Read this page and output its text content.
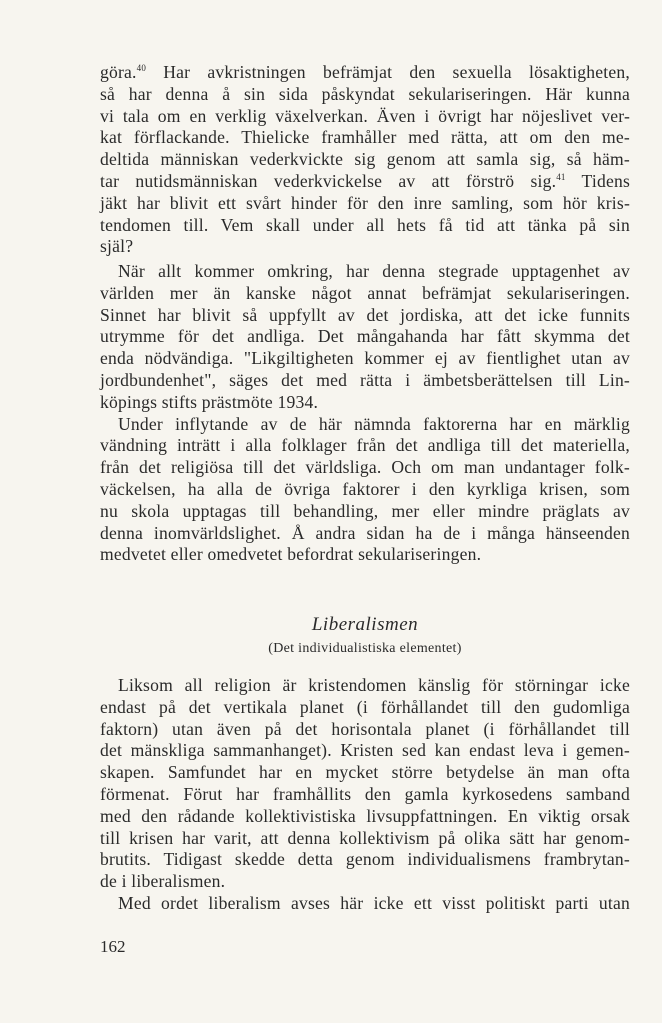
göra.$^{40}$ Har avkristningen befrämjat den sexuella lösaktigheten,
så har denna å sin sida påskyndat sekulariseringen. Här kunna
vi tala om en verklig växelverkan. Även i övrigt har nöjeslivet ver-
kat förflackande. Thielicke framhåller med rätta, att om den me-
deltida människan vederkvickte sig genom att samla sig, så häm-
tar nutidsmänniskan vederkvickelse av att förströ sig.$^{41}$ Tidens
jäkt har blivit ett svårt hinder för den inre samling, som hör kris-
tendomen till. Vem skall under all hets få tid att tänka på sin
själ?
När allt kommer omkring, har denna stegrade upptagenhet av
världen mer än kanske något annat befrämjat sekulariseringen.
Sinnet har blivit så uppfyllt av det jordiska, att det icke funnits
utrymme för det andliga. Det mångahanda har fått skymma det
enda nödvändiga. "Likgiltigheten kommer ej av fientlighet utan av
jordbundenhet", säges det med rätta i ämbetsberättelsen till Lin-
köpings stifts prästmöte 1934.
Under inflytande av de här nämnda faktorerna har en märklig
vändning inträtt i alla folklager från det andliga till det materiella,
från det religiösa till det världsliga. Och om man undantager folk-
väckelsen, ha alla de övriga faktorer i den kyrkliga krisen, som
nu skola upptagas till behandling, mer eller mindre präglats av
denna inomvärldslighet. Å andra sidan ha de i många hänseenden
medvetet eller omedvetet befordrat sekulariseringen.
Liberalismen
(Det individualistiska elementet)
Liksom all religion är kristendomen känslig för störningar icke
endast på det vertikala planet (i förhållandet till den gudomliga
faktorn) utan även på det horisontala planet (i förhållandet till
det mänskliga sammanhanget). Kristen sed kan endast leva i gemen-
skapen. Samfundet har en mycket större betydelse än man ofta
förmenat. Förut har framhållits den gamla kyrkosedens samband
med den rådande kollektivistiska livsuppfattningen. En viktig orsak
till krisen har varit, att denna kollektivism på olika sätt har genom-
brutits. Tidigast skedde detta genom individualismens frambrytan-
de i liberalismen.
Med ordet liberalism avses här icke ett visst politiskt parti utan
162
